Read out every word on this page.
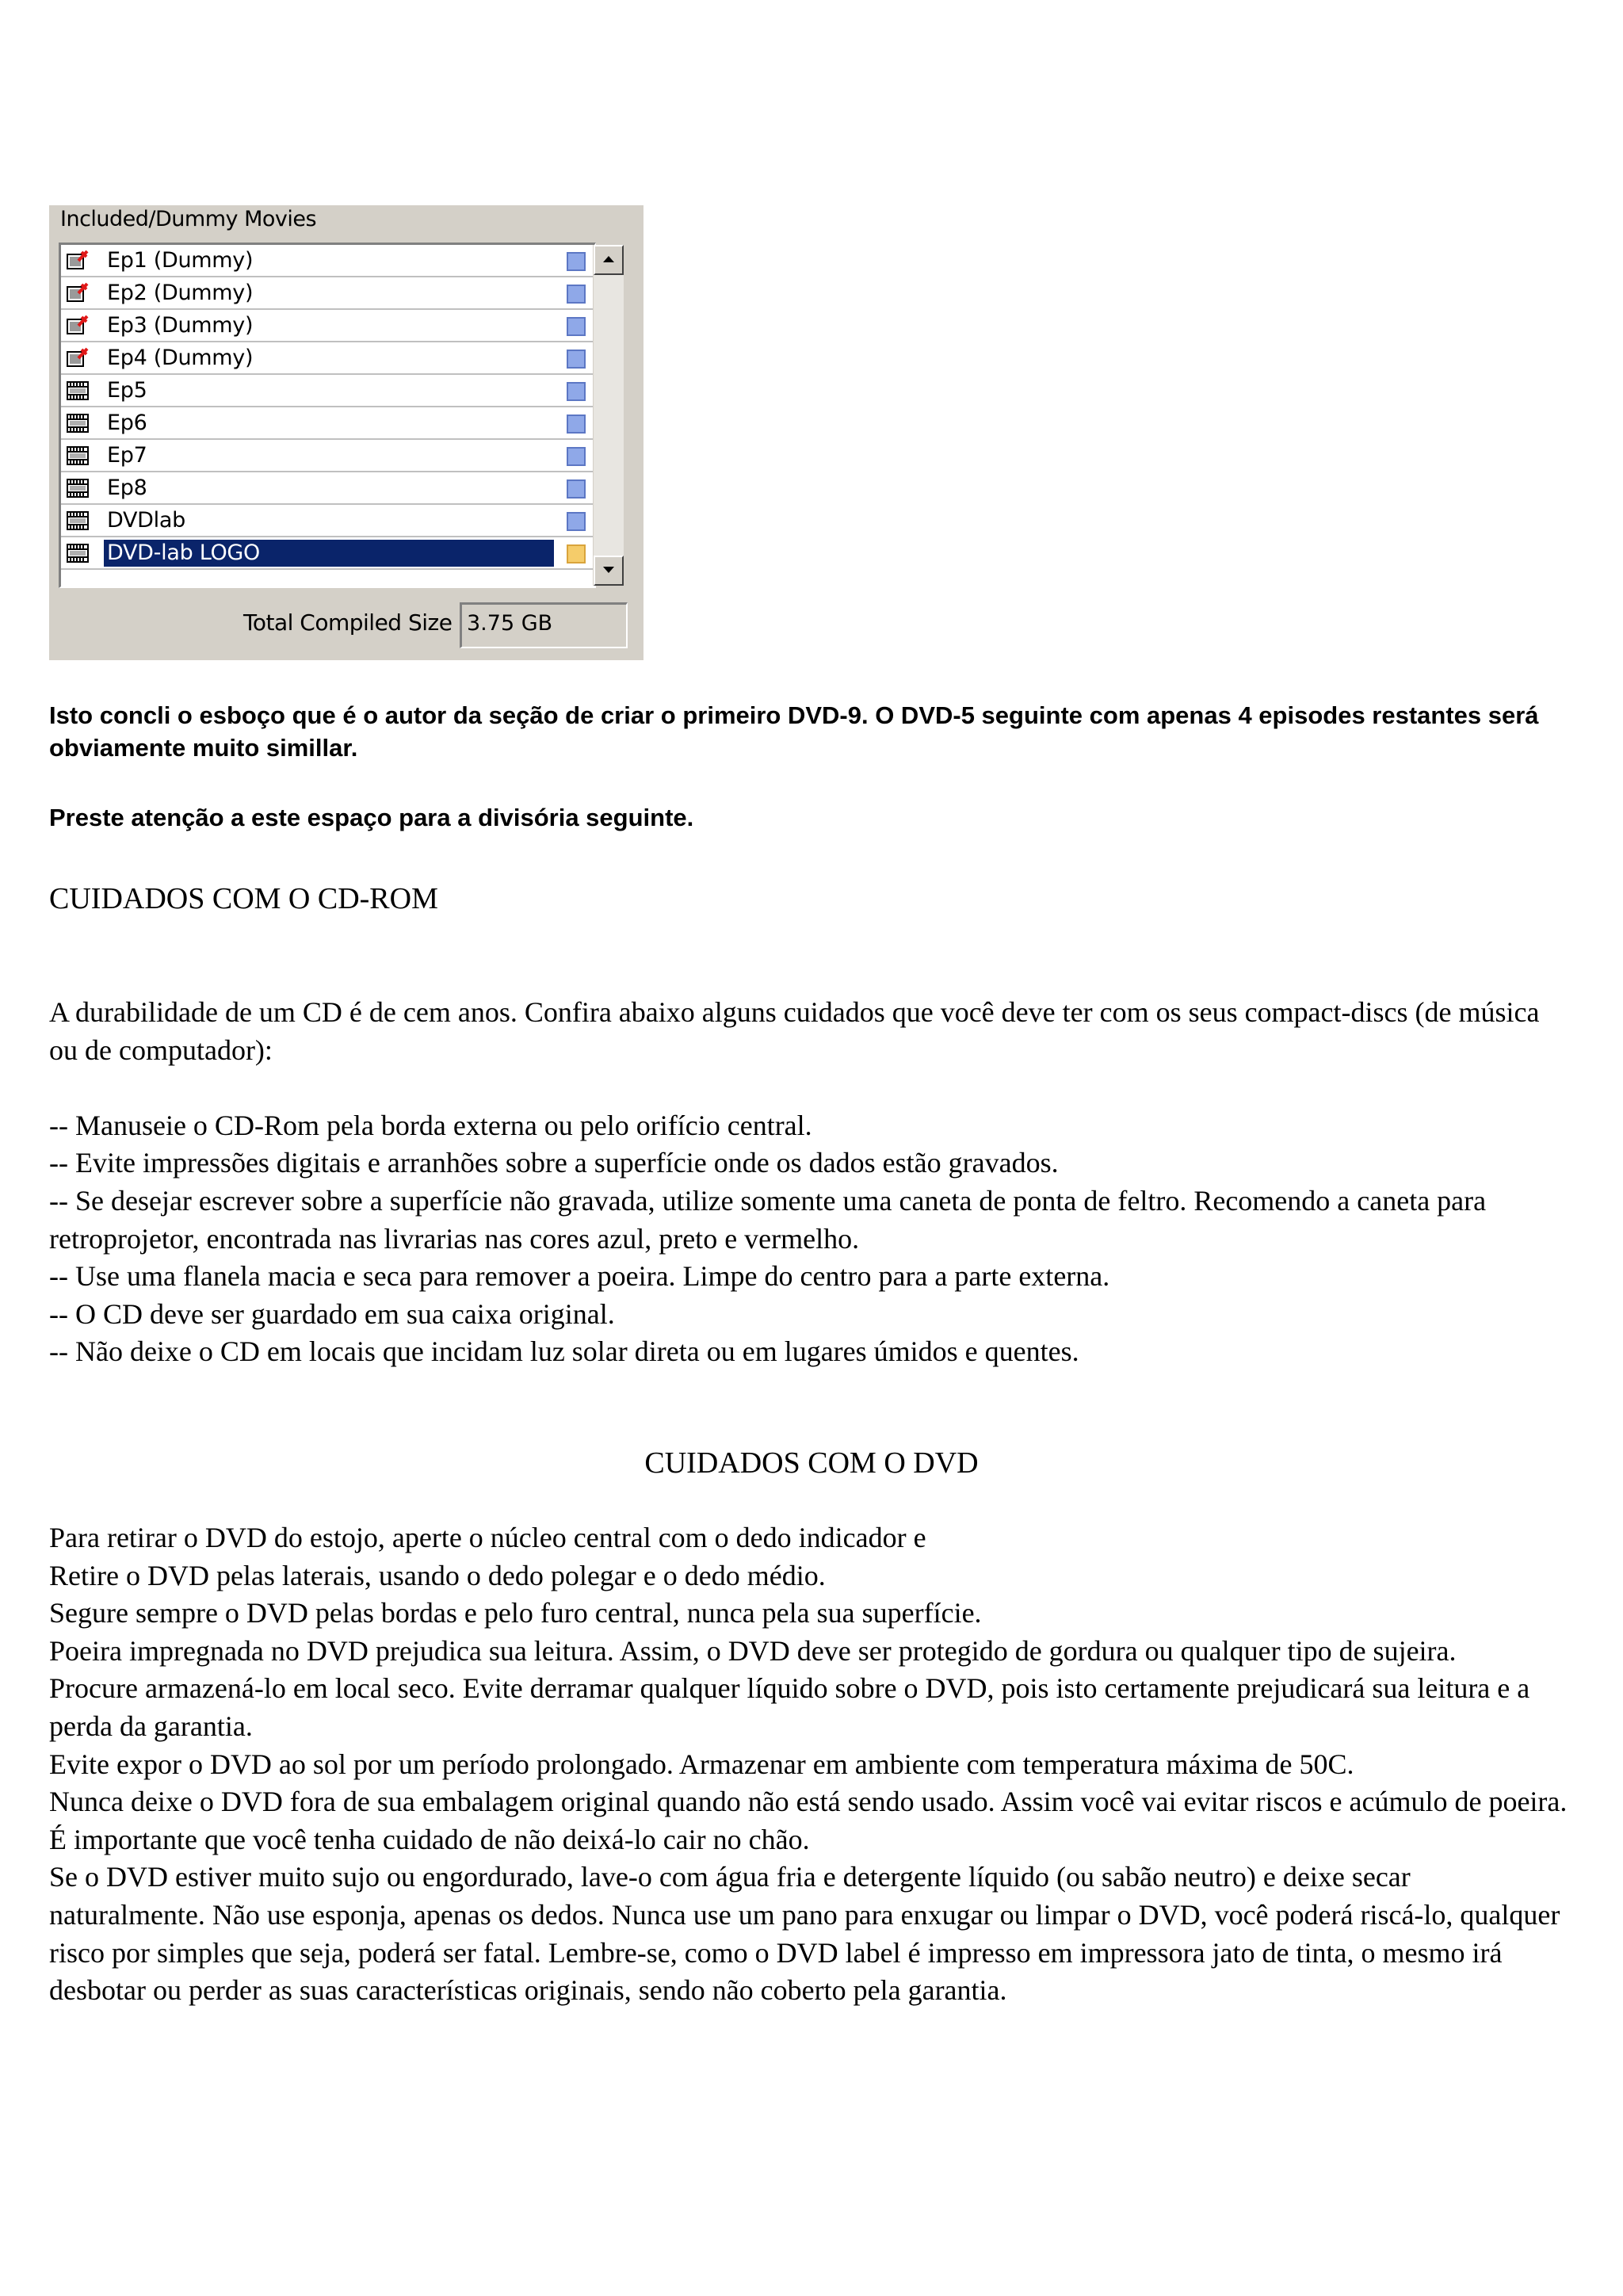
Included/Dummy Movies
Ep1 (Dummy)
Ep2 (Dummy)
Ep3 (Dummy)
Ep4 (Dummy)
Ep5
Ep6
Ep7
Ep8
DVDlab
DVD-lab LOGO
Total Compiled Size 3.75 GB
Isto concli o esboço que é o autor da seção de criar o primeiro DVD-9. O DVD-5 seguinte com apenas 4 episodes restantes será obviamente muito simillar.
Preste atenção a este espaço para a divisória seguinte.
CUIDADOS COM O CD-ROM

A durabilidade de um CD é de cem anos. Confira abaixo alguns cuidados que você deve ter com os seus compact-discs (de música ou de computador):

-- Manuseie o CD-Rom pela borda externa ou pelo orifício central.

-- Evite impressões digitais e arranhões sobre a superfície onde os dados estão gravados.

-- Se desejar escrever sobre a superfície não gravada, utilize somente uma caneta de ponta de feltro. Recomendo a caneta para retroprojetor, encontrada nas livrarias nas cores azul, preto e vermelho.

-- Use uma flanela macia e seca para remover a poeira. Limpe do centro para a parte externa.

-- O CD deve ser guardado em sua caixa original.

-- Não deixe o CD em locais que incidam luz solar direta ou em lugares úmidos e quentes.

CUIDADOS COM O DVD

Para retirar o DVD do estojo, aperte o núcleo central com o dedo indicador e

Retire o DVD pelas laterais, usando o dedo polegar e o dedo médio.

Segure sempre o DVD pelas bordas e pelo furo central, nunca pela sua superfície.

Poeira impregnada no DVD prejudica sua leitura. Assim, o DVD deve ser protegido de gordura ou qualquer tipo de sujeira.

Procure armazená-lo em local seco. Evite derramar qualquer líquido sobre o DVD, pois isto certamente prejudicará sua leitura e a perda da garantia.

Evite expor o DVD ao sol por um período prolongado. Armazenar em ambiente com temperatura máxima de 50C.

Nunca deixe o DVD fora de sua embalagem original quando não está sendo usado. Assim você vai evitar riscos e acúmulo de poeira. É importante que você tenha cuidado de não deixá-lo cair no chão.

Se o DVD estiver muito sujo ou engordurado, lave-o com água fria e detergente líquido (ou sabão neutro) e deixe secar naturalmente. Não use esponja, apenas os dedos. Nunca use um pano para enxugar ou limpar o DVD, você poderá riscá-lo, qualquer risco por simples que seja, poderá ser fatal. Lembre-se, como o DVD label é impresso em impressora jato de tinta, o mesmo irá desbotar ou perder as suas características originais, sendo não coberto pela garantia.
